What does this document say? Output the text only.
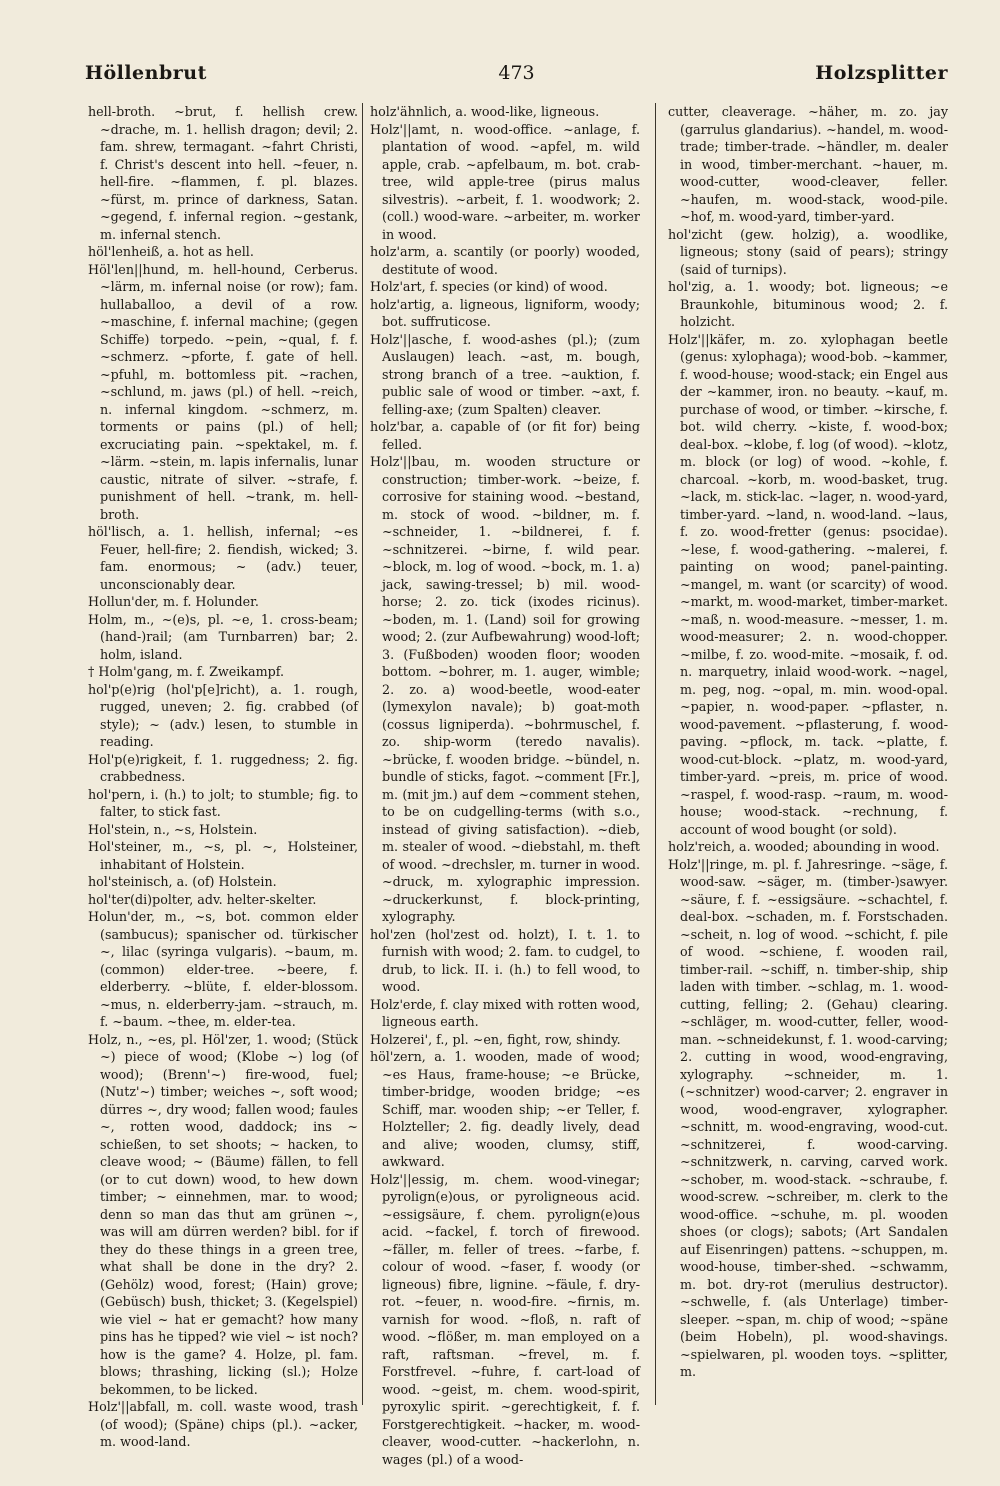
Höllenbrut	473	Holzsplitter
hell-broth. ~brut, f. hellish crew. ~drache, m. 1. hellish dragon; devil; 2. fam. shrew, termagant. ~fahrt Christi, f. Christ's descent into hell. ~feuer, n. hell-fire. ~flammen, f. pl. blazes. ~fürst, m. prince of darkness, Satan. ~gegend, f. infernal region. ~gestank, m. infernal stench.
höl'lenheiß, a. hot as hell.
Höl'len||hund, m. hell-hound, Cerberus. ~lärm, m. infernal noise (or row); fam. hullaballoo, a devil of a row. ~maschine, f. infernal machine; (gegen Schiffe) torpedo. ~pein, ~qual, f. f. ~schmerz. ~pforte, f. gate of hell. ~pfuhl, m. bottomless pit. ~rachen, ~schlund, m. jaws (pl.) of hell. ~reich, n. infernal kingdom. ~schmerz, m. torments or pains (pl.) of hell; excruciating pain. ~spektakel, m. f. ~lärm. ~stein, m. lapis infernalis, lunar caustic, nitrate of silver. ~strafe, f. punishment of hell. ~trank, m. hell-broth.
höl'lisch, a. 1. hellish, infernal; ~es Feuer, hell-fire; 2. fiendish, wicked; 3. fam. enormous; ~ (adv.) teuer, unconscionably dear.
Hollun'der, m. f. Holunder.
Holm, m., ~(e)s, pl. ~e, 1. cross-beam; (hand-)rail; (am Turnbarren) bar; 2. holm, island.
† Holm'gang, m. f. Zweikampf.
hol'p(e)rig (hol'p[e]richt), a. 1. rough, rugged, uneven; 2. fig. crabbed (of style); ~ (adv.) lesen, to stumble in reading.
Hol'p(e)rigkeit, f. 1. ruggedness; 2. fig. crabbedness.
hol'pern, i. (h.) to jolt; to stumble; fig. to falter, to stick fast.
Hol'stein, n., ~s, Holstein.
Hol'steiner, m., ~s, pl. ~, Holsteiner, inhabitant of Holstein.
hol'steinisch, a. (of) Holstein.
hol'ter(di)polter, adv. helter-skelter.
Holun'der, m., ~s, bot. common elder (sambucus); spanischer od. türkischer ~, lilac (syringa vulgaris). ~baum, m. (common) elder-tree. ~beere, f. elderberry. ~blüte, f. elder-blossom. ~mus, n. elderberry-jam. ~strauch, m. f. ~baum. ~thee, m. elder-tea.
Holz, n., ~es, pl. Höl'zer, 1. wood; (Stück ~) piece of wood; (Klobe ~) log (of wood); (Brenn'~) fire-wood, fuel; (Nutz'~) timber; weiches ~, soft wood; dürres ~, dry wood; fallen wood; faules ~, rotten wood, daddock; ins ~ schießen, to set shoots; ~ hacken, to cleave wood; ~ (Bäume) fällen, to fell (or to cut down) wood, to hew down timber; ~ einnehmen, mar. to wood; denn so man das thut am grünen ~, was will am dürren werden? bibl. for if they do these things in a green tree, what shall be done in the dry? 2. (Gehölz) wood, forest; (Hain) grove; (Gebüsch) bush, thicket; 3. (Kegelspiel) wie viel ~ hat er gemacht? how many pins has he tipped? wie viel ~ ist noch? how is the game? 4. Holze, pl. fam. blows; thrashing, licking (sl.); Holze bekommen, to be licked.
Holz'||abfall, m. coll. waste wood, trash (of wood); (Späne) chips (pl.). ~acker, m. wood-land.
holz'ähnlich, a. wood-like, ligneous.
Holz'||amt, n. wood-office. ~anlage, f. plantation of wood. ~apfel, m. wild apple, crab. ~apfelbaum, m. bot. crab-tree, wild apple-tree (pirus malus silvestris). ~arbeit, f. 1. woodwork; 2. (coll.) wood-ware. ~arbeiter, m. worker in wood.
holz'arm, a. scantily (or poorly) wooded, destitute of wood.
Holz'art, f. species (or kind) of wood.
holz'artig, a. ligneous, ligniform, woody; bot. suffruticose.
Holz'||asche, f. wood-ashes (pl.); (zum Auslaugen) leach. ~ast, m. bough, strong branch of a tree. ~auktion, f. public sale of wood or timber. ~axt, f. felling-axe; (zum Spalten) cleaver.
holz'bar, a. capable of (or fit for) being felled.
Holz'||bau, m. wooden structure or construction; timber-work. ~beize, f. corrosive for staining wood. ~bestand, m. stock of wood. ~bildner, m. f. ~schneider, 1. ~bildnerei, f. f. ~schnitzerei. ~birne, f. wild pear. ~block, m. log of wood. ~bock, m. 1. a) jack, sawing-tressel; b) mil. wood-horse; 2. zo. tick (ixodes ricinus). ~boden, m. 1. (Land) soil for growing wood; 2. (zur Aufbewahrung) wood-loft; 3. (Fußboden) wooden floor; wooden bottom. ~bohrer, m. 1. auger, wimble; 2. zo. a) wood-beetle, wood-eater (lymexylon navale); b) goat-moth (cossus ligniperda). ~bohrmuschel, f. zo. ship-worm (teredo navalis). ~brücke, f. wooden bridge. ~bündel, n. bundle of sticks, fagot. ~comment [Fr.], m. (mit jm.) auf dem ~comment stehen, to be on cudgelling-terms (with s.o., instead of giving satisfaction). ~dieb, m. stealer of wood. ~diebstahl, m. theft of wood. ~drechsler, m. turner in wood. ~druck, m. xylographic impression. ~druckerkunst, f. block-printing, xylography.
hol'zen (hol'zest od. holzt), I. t. 1. to furnish with wood; 2. fam. to cudgel, to drub, to lick. II. i. (h.) to fell wood, to wood.
Holz'erde, f. clay mixed with rotten wood, ligneous earth.
Holzerei', f., pl. ~en, fight, row, shindy.
höl'zern, a. 1. wooden, made of wood; ~es Haus, frame-house; ~e Brücke, timber-bridge, wooden bridge; ~es Schiff, mar. wooden ship; ~er Teller, f. Holzteller; 2. fig. deadly lively, dead and alive; wooden, clumsy, stiff, awkward.
Holz'||essig, m. chem. wood-vinegar; pyrolign(e)ous, or pyroligneous acid. ~essigsäure, f. chem. pyrolign(e)ous acid. ~fackel, f. torch of firewood. ~fäller, m. feller of trees. ~farbe, f. colour of wood. ~faser, f. woody (or ligneous) fibre, lignine. ~fäule, f. dry-rot. ~feuer, n. wood-fire. ~firnis, m. varnish for wood. ~floß, n. raft of wood. ~flößer, m. man employed on a raft, raftsman. ~frevel, m. f. Forstfrevel. ~fuhre, f. cart-load of wood. ~geist, m. chem. wood-spirit, pyroxylic spirit. ~gerechtigkeit, f. f. Forstgerechtigkeit. ~hacker, m. wood-cleaver, wood-cutter. ~hackerlohn, n. wages (pl.) of a wood-
cutter, cleaverage. ~häher, m. zo. jay (garrulus glandarius). ~handel, m. wood-trade; timber-trade. ~händler, m. dealer in wood, timber-merchant. ~hauer, m. wood-cutter, wood-cleaver, feller. ~haufen, m. wood-stack, wood-pile. ~hof, m. wood-yard, timber-yard.
hol'zicht (gew. holzig), a. woodlike, ligneous; stony (said of pears); stringy (said of turnips).
hol'zig, a. 1. woody; bot. ligneous; ~e Braunkohle, bituminous wood; 2. f. holzicht.
Holz'||käfer, m. zo. xylophagan beetle (genus: xylophaga); wood-bob. ~kammer, f. wood-house; wood-stack; ein Engel aus der ~kammer, iron. no beauty. ~kauf, m. purchase of wood, or timber. ~kirsche, f. bot. wild cherry. ~kiste, f. wood-box; deal-box. ~klobe, f. log (of wood). ~klotz, m. block (or log) of wood. ~kohle, f. charcoal. ~korb, m. wood-basket, trug. ~lack, m. stick-lac. ~lager, n. wood-yard, timber-yard. ~land, n. wood-land. ~laus, f. zo. wood-fretter (genus: psocidae). ~lese, f. wood-gathering. ~malerei, f. painting on wood; panel-painting. ~mangel, m. want (or scarcity) of wood. ~markt, m. wood-market, timber-market. ~maß, n. wood-measure. ~messer, 1. m. wood-measurer; 2. n. wood-chopper. ~milbe, f. zo. wood-mite. ~mosaik, f. od. n. marquetry, inlaid wood-work. ~nagel, m. peg, nog. ~opal, m. min. wood-opal. ~papier, n. wood-paper. ~pflaster, n. wood-pavement. ~pflasterung, f. wood-paving. ~pflock, m. tack. ~platte, f. wood-cut-block. ~platz, m. wood-yard, timber-yard. ~preis, m. price of wood. ~raspel, f. wood-rasp. ~raum, m. wood-house; wood-stack. ~rechnung, f. account of wood bought (or sold).
holz'reich, a. wooded; abounding in wood.
Holz'||ringe, m. pl. f. Jahresringe. ~säge, f. wood-saw. ~säger, m. (timber-)sawyer. ~säure, f. f. ~essigsäure. ~schachtel, f. deal-box. ~schaden, m. f. Forstschaden. ~scheit, n. log of wood. ~schicht, f. pile of wood. ~schiene, f. wooden rail, timber-rail. ~schiff, n. timber-ship, ship laden with timber. ~schlag, m. 1. wood-cutting, felling; 2. (Gehau) clearing. ~schläger, m. wood-cutter, feller, wood-man. ~schneidekunst, f. 1. wood-carving; 2. cutting in wood, wood-engraving, xylography. ~schneider, m. 1. (~schnitzer) wood-carver; 2. engraver in wood, wood-engraver, xylographer. ~schnitt, m. wood-engraving, wood-cut. ~schnitzerei, f. wood-carving. ~schnitzwerk, n. carving, carved work. ~schober, m. wood-stack. ~schraube, f. wood-screw. ~schreiber, m. clerk to the wood-office. ~schuhe, m. pl. wooden shoes (or clogs); sabots; (Art Sandalen auf Eisenringen) pattens. ~schuppen, m. wood-house, timber-shed. ~schwamm, m. bot. dry-rot (merulius destructor). ~schwelle, f. (als Unterlage) timber-sleeper. ~span, m. chip of wood; ~späne (beim Hobeln), pl. wood-shavings. ~spielwaren, pl. wooden toys. ~splitter, m.
